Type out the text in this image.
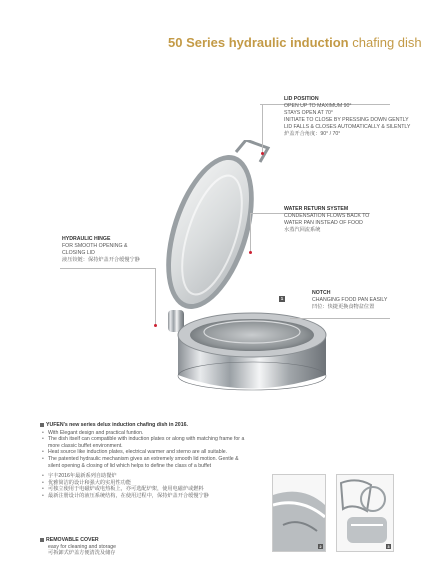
50 Series hydraulic induction chafing dish
LID POSITION
OPEN UP TO MAXIMUM 90°
STAYS OPEN AT 70°
INITIATE TO CLOSE BY PRESSING DOWN GENTLY
LID FALLS & CLOSES AUTOMATICALLY & SILENTLY
炉盖开合角度：90° / 70°
WATER RETURN SYSTEM
CONDENSATION FLOWS BACK TO
WATER PAN INSTEAD OF FOOD
水蒸汽回流系统
HYDRAULIC HINGE
FOR SMOOTH OPENING &
CLOSING LID
液压铰链：保持炉盖开合缓慢宁静
1
NOTCH
CHANGING FOOD PAN EASILY
凹位：快捷更换食物盆位置
YUFEN's new series delux induction chafing dish in 2016.
• With Elegant design and practical funtion.
• The dish itself can compatible with induction plates or along with matching frame for a more classic buffet environment.
• Heat source like induction plates, electrical warmer and sterno are all suitable.
• The patented hydraulic mechanism gives an extremely smooth lid motion. Gentle & silent opening & closing of lid which helps to define the class of a buffet
• 宇丰2016年最新系列自助餐炉
• 优雅简洁的设计和强大的实用性功能
• 可独立使用于电磁炉或电热板上，亦可选配炉架，使用电磁炉或燃料
• 最新注册设计的液压系统结构，在使用过程中，保持炉盖开合缓慢宁静
REMOVABLE COVER
easy for cleaning and storage
可拆卸式炉盖方便清洗及储存
2	3
